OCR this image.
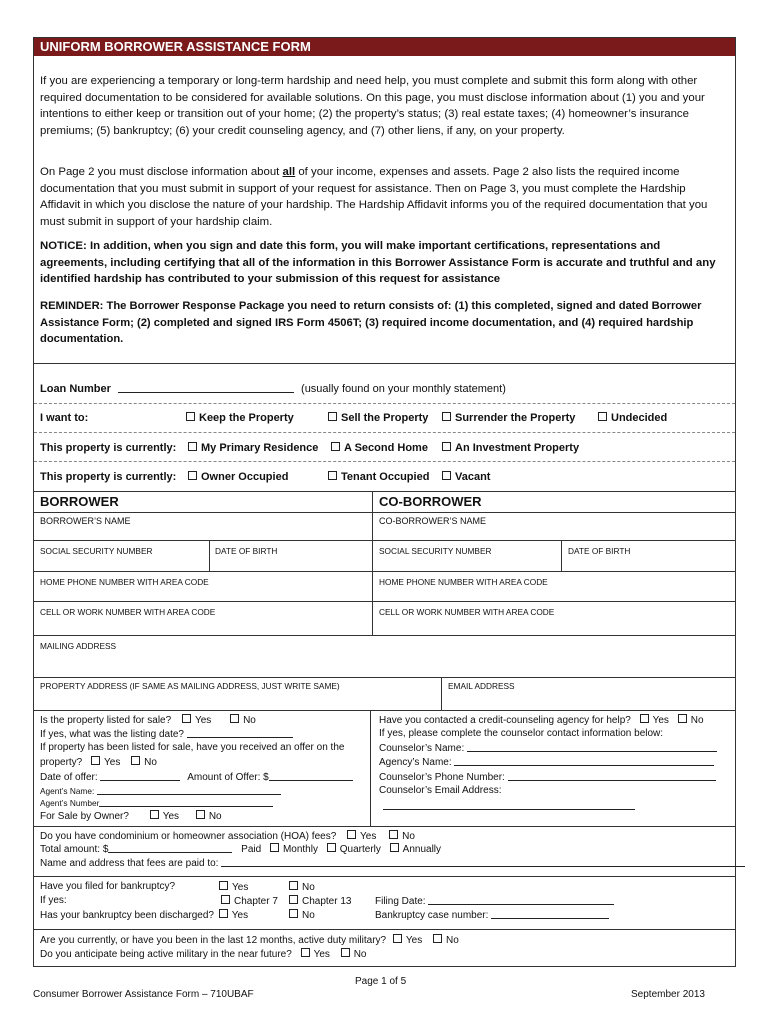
UNIFORM BORROWER ASSISTANCE FORM

If you are experiencing a temporary or long-term hardship and need help, you must complete and submit this form along with other required documentation to be considered for available solutions. On this page, you must disclose information about (1) you and your intentions to either keep or transition out of your home; (2) the property’s status; (3) real estate taxes; (4) homeowner’s insurance premiums; (5) bankruptcy; (6) your credit counseling agency, and (7) other liens, if any, on your property.

On Page 2 you must disclose information about all of your income, expenses and assets. Page 2 also lists the required income documentation that you must submit in support of your request for assistance. Then on Page 3, you must complete the Hardship Affidavit in which you disclose the nature of your hardship. The Hardship Affidavit informs you of the required documentation that you must submit in support of your hardship claim.

NOTICE: In addition, when you sign and date this form, you will make important certifications, representations and agreements, including certifying that all of the information in this Borrower Assistance Form is accurate and truthful and any identified hardship has contributed to your submission of this request for assistance

REMINDER: The Borrower Response Package you need to return consists of: (1) this completed, signed and dated Borrower Assistance Form; (2) completed and signed IRS Form 4506T; (3) required income documentation, and (4) required hardship documentation.

Loan Number	(usually found on your monthly statement)
I want to:	Keep the Property	Sell the Property	Surrender the Property	Undecided
This property is currently:	My Primary Residence	A Second Home	An Investment Property
This property is currently:	Owner Occupied	Tenant Occupied	Vacant
BORROWER	CO-BORROWER
BORROWER’S NAME	CO-BORROWER’S NAME
SOCIAL SECURITY NUMBER	DATE OF BIRTH	SOCIAL SECURITY NUMBER	DATE OF BIRTH
HOME PHONE NUMBER WITH AREA CODE	HOME PHONE NUMBER WITH AREA CODE
CELL OR WORK NUMBER WITH AREA CODE	CELL OR WORK NUMBER WITH AREA CODE
MAILING ADDRESS
PROPERTY ADDRESS (IF SAME AS MAILING ADDRESS, JUST WRITE SAME)	EMAIL ADDRESS
Is the property listed for sale? Yes	No
If yes, what was the listing date?
If property has been listed for sale, have you received an offer on the
property? Yes No
Date of offer:	Amount of Offer: $
Agent’s Name:
Agent’s Number
For Sale by Owner?	Yes	No
Have you contacted a credit-counseling agency for help? Yes No
If yes, please complete the counselor contact information below:
Counselor’s Name:
Agency’s Name:
Counselor’s Phone Number:
Counselor’s Email Address:
Do you have condominium or homeowner association (HOA) fees? Yes	No
Total amount: $	Paid Monthly Quarterly Annually
Name and address that fees are paid to:
Have you filed for bankruptcy?	Yes	No
If yes:	Chapter 7	Chapter 13 Filing Date:
Has your bankruptcy been discharged? Yes	No	Bankruptcy case number:
Are you currently, or have you been in the last 12 months, active duty military? Yes No
Do you anticipate being active military in the near future? Yes No
Page 1 of 5
Consumer Borrower Assistance Form – 710UBAF	September 2013
